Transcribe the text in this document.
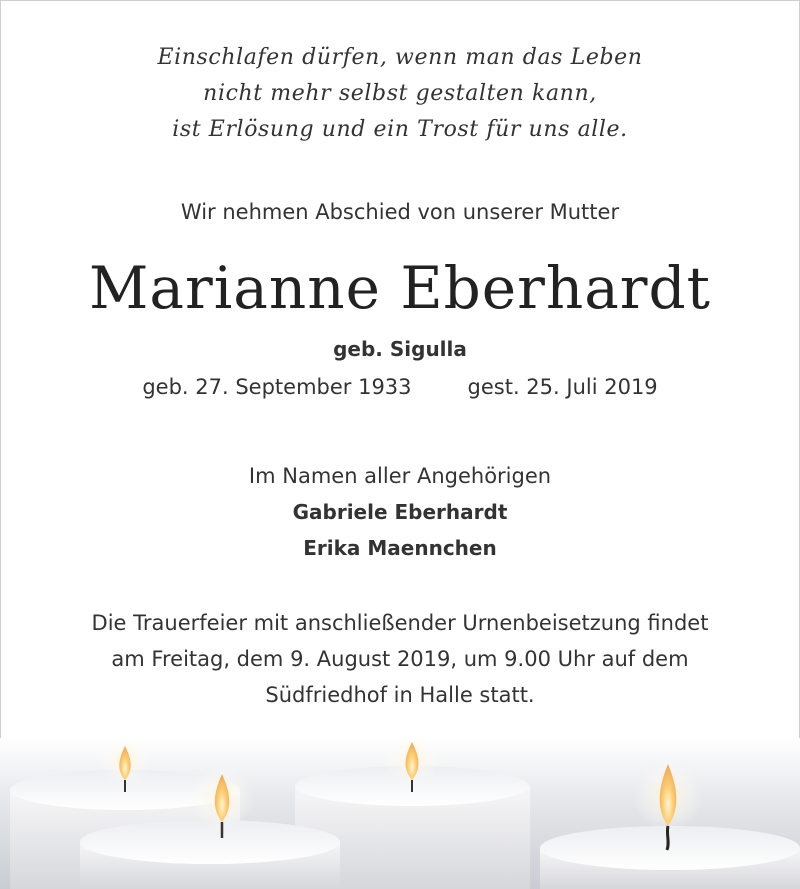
Einschlafen dürfen, wenn man das Leben
nicht mehr selbst gestalten kann,
ist Erlösung und ein Trost für uns alle.
Wir nehmen Abschied von unserer Mutter
Marianne Eberhardt
geb. Sigulla
geb. 27. September 1933	gest. 25. Juli 2019
Im Namen aller Angehörigen
Gabriele Eberhardt
Erika Maennchen
Die Trauerfeier mit anschließender Urnenbeisetzung findet
am Freitag, dem 9. August 2019, um 9.00 Uhr auf dem
Südfriedhof in Halle statt.
